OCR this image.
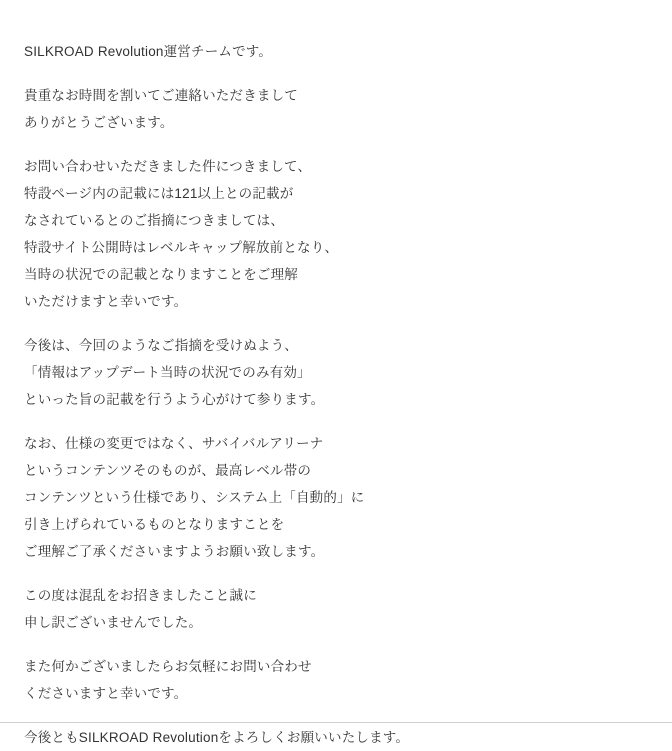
SILKROAD Revolution運営チームです。
貴重なお時間を割いてご連絡いただきまして
ありがとうございます。
お問い合わせいただきました件につきまして、
特設ページ内の記載には121以上との記載が
なされているとのご指摘につきましては、
特設サイト公開時はレベルキャップ解放前となり、
当時の状況での記載となりますことをご理解
いただけますと幸いです。
今後は、今回のようなご指摘を受けぬよう、
「情報はアップデート当時の状況でのみ有効」
といった旨の記載を行うよう心がけて参ります。
なお、仕様の変更ではなく、サバイバルアリーナ
というコンテンツそのものが、最高レベル帯の
コンテンツという仕様であり、システム上「自動的」に
引き上げられているものとなりますことを
ご理解ご了承くださいますようお願い致します。
この度は混乱をお招きましたこと誠に
申し訳ございませんでした。
また何かございましたらお気軽にお問い合わせ
くださいますと幸いです。
今後ともSILKROAD Revolutionをよろしくお願いいたします。
